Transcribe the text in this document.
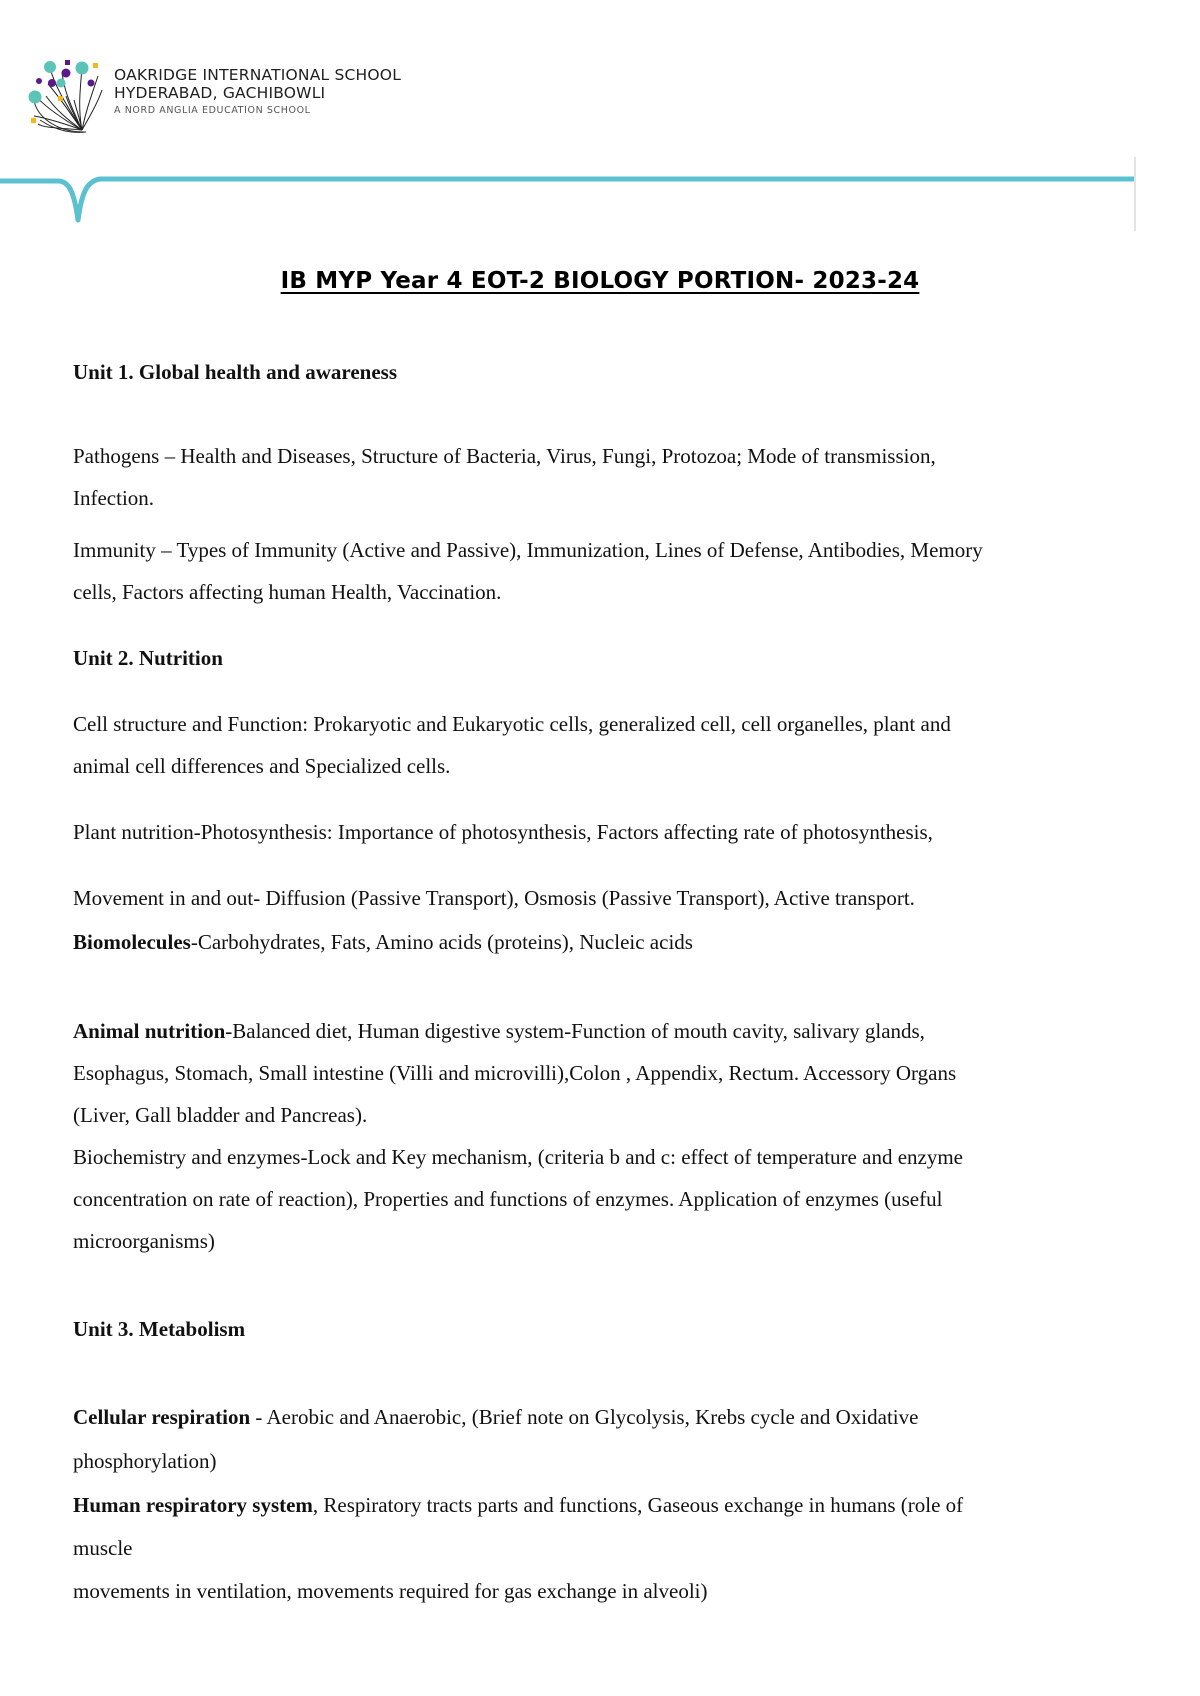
OAKRIDGE INTERNATIONAL SCHOOL
HYDERABAD, GACHIBOWLI
A NORD ANGLIA EDUCATION SCHOOL
IB MYP Year 4 EOT-2 BIOLOGY PORTION- 2023-24
Unit 1. Global health and awareness
Pathogens – Health and Diseases, Structure of Bacteria, Virus, Fungi, Protozoa; Mode of transmission,
Infection.
Immunity – Types of Immunity (Active and Passive), Immunization, Lines of Defense, Antibodies, Memory
cells, Factors affecting human Health, Vaccination.
Unit 2. Nutrition
Cell structure and Function: Prokaryotic and Eukaryotic cells, generalized cell, cell organelles, plant and
animal cell differences and Specialized cells.
Plant nutrition-Photosynthesis: Importance of photosynthesis, Factors affecting rate of photosynthesis,
Movement in and out- Diffusion (Passive Transport), Osmosis (Passive Transport), Active transport.
Biomolecules-Carbohydrates, Fats, Amino acids (proteins), Nucleic acids
Animal nutrition-Balanced diet, Human digestive system-Function of mouth cavity, salivary glands,
Esophagus, Stomach, Small intestine (Villi and microvilli),Colon , Appendix, Rectum. Accessory Organs
(Liver, Gall bladder and Pancreas).
Biochemistry and enzymes-Lock and Key mechanism, (criteria b and c: effect of temperature and enzyme
concentration on rate of reaction), Properties and functions of enzymes. Application of enzymes (useful
microorganisms)
Unit 3. Metabolism
Cellular respiration - Aerobic and Anaerobic, (Brief note on Glycolysis, Krebs cycle and Oxidative
phosphorylation)
Human respiratory system, Respiratory tracts parts and functions, Gaseous exchange in humans (role of
muscle
movements in ventilation, movements required for gas exchange in alveoli)
